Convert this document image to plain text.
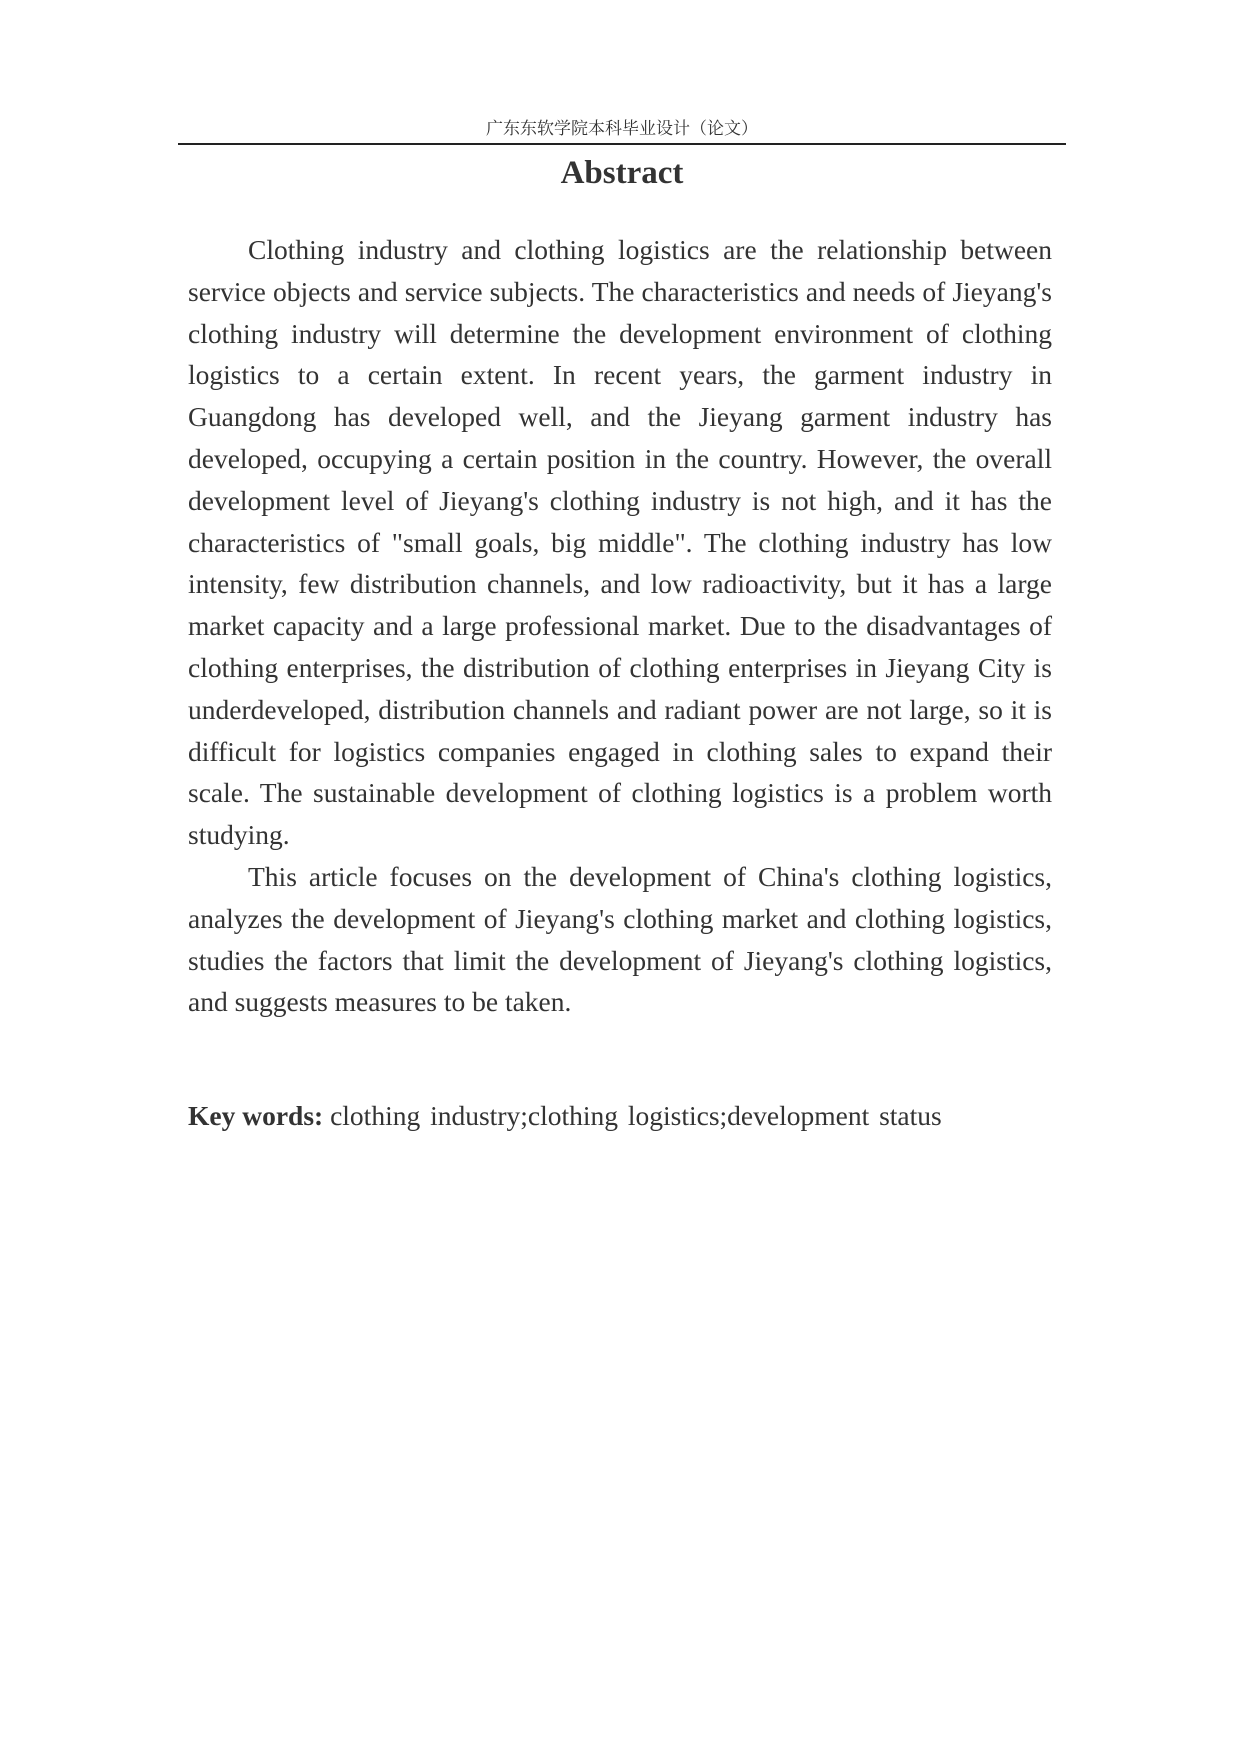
广东东软学院本科毕业设计（论文）
Abstract

Clothing industry and clothing logistics are the relationship between service objects and service subjects. The characteristics and needs of Jieyang's clothing industry will determine the development environment of clothing logistics to a certain extent. In recent years, the garment industry in Guangdong has developed well, and the Jieyang garment industry has developed, occupying a certain position in the country. However, the overall development level of Jieyang's clothing industry is not high, and it has the characteristics of "small goals, big middle". The clothing industry has low intensity, few distribution channels, and low radioactivity, but it has a large market capacity and a large professional market. Due to the disadvantages of clothing enterprises, the distribution of clothing enterprises in Jieyang City is underdeveloped, distribution channels and radiant power are not large, so it is difficult for logistics companies engaged in clothing sales to expand their scale. The sustainable development of clothing logistics is a problem worth studying.

This article focuses on the development of China's clothing logistics, analyzes the development of Jieyang's clothing market and clothing logistics, studies the factors that limit the development of Jieyang's clothing logistics, and suggests measures to be taken.

Key words: clothing industry;clothing logistics;development status
